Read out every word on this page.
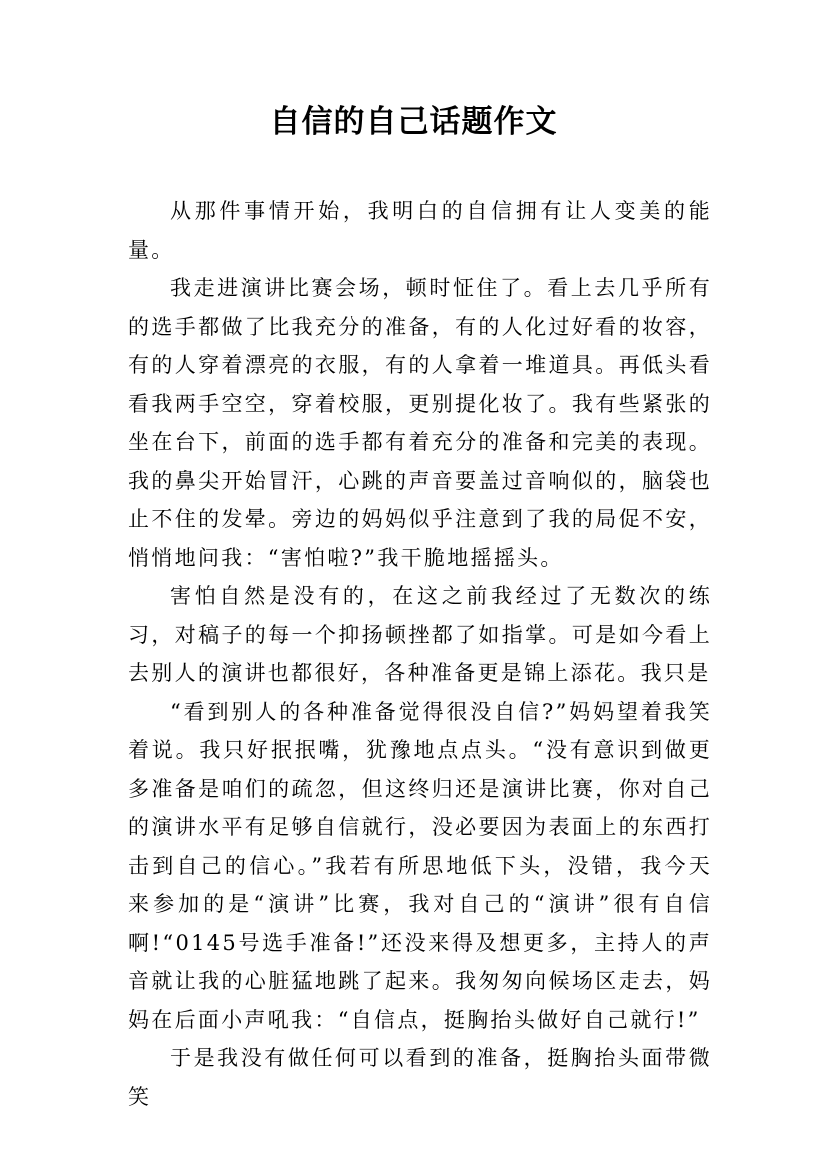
自信的自己话题作文

从那件事情开始，我明白的自信拥有让人变美的能量。

我走进演讲比赛会场，顿时怔住了。看上去几乎所有的选手都做了比我充分的准备，有的人化过好看的妆容，有的人穿着漂亮的衣服，有的人拿着一堆道具。再低头看看我两手空空，穿着校服，更别提化妆了。我有些紧张的坐在台下，前面的选手都有着充分的准备和完美的表现。我的鼻尖开始冒汗，心跳的声音要盖过音响似的，脑袋也止不住的发晕。旁边的妈妈似乎注意到了我的局促不安，悄悄地问我：“害怕啦?”我干脆地摇摇头。

害怕自然是没有的，在这之前我经过了无数次的练习，对稿子的每一个抑扬顿挫都了如指掌。可是如今看上去别人的演讲也都很好，各种准备更是锦上添花。我只是

“看到别人的各种准备觉得很没自信?”妈妈望着我笑着说。我只好抿抿嘴，犹豫地点点头。“没有意识到做更多准备是咱们的疏忽，但这终归还是演讲比赛，你对自己的演讲水平有足够自信就行，没必要因为表面上的东西打击到自己的信心。”我若有所思地低下头，没错，我今天来参加的是“演讲”比赛，我对自己的“演讲”很有自信啊!“0145号选手准备!”还没来得及想更多，主持人的声音就让我的心脏猛地跳了起来。我匆匆向候场区走去，妈妈在后面小声吼我：“自信点，挺胸抬头做好自己就行!”

于是我没有做任何可以看到的准备，挺胸抬头面带微笑
